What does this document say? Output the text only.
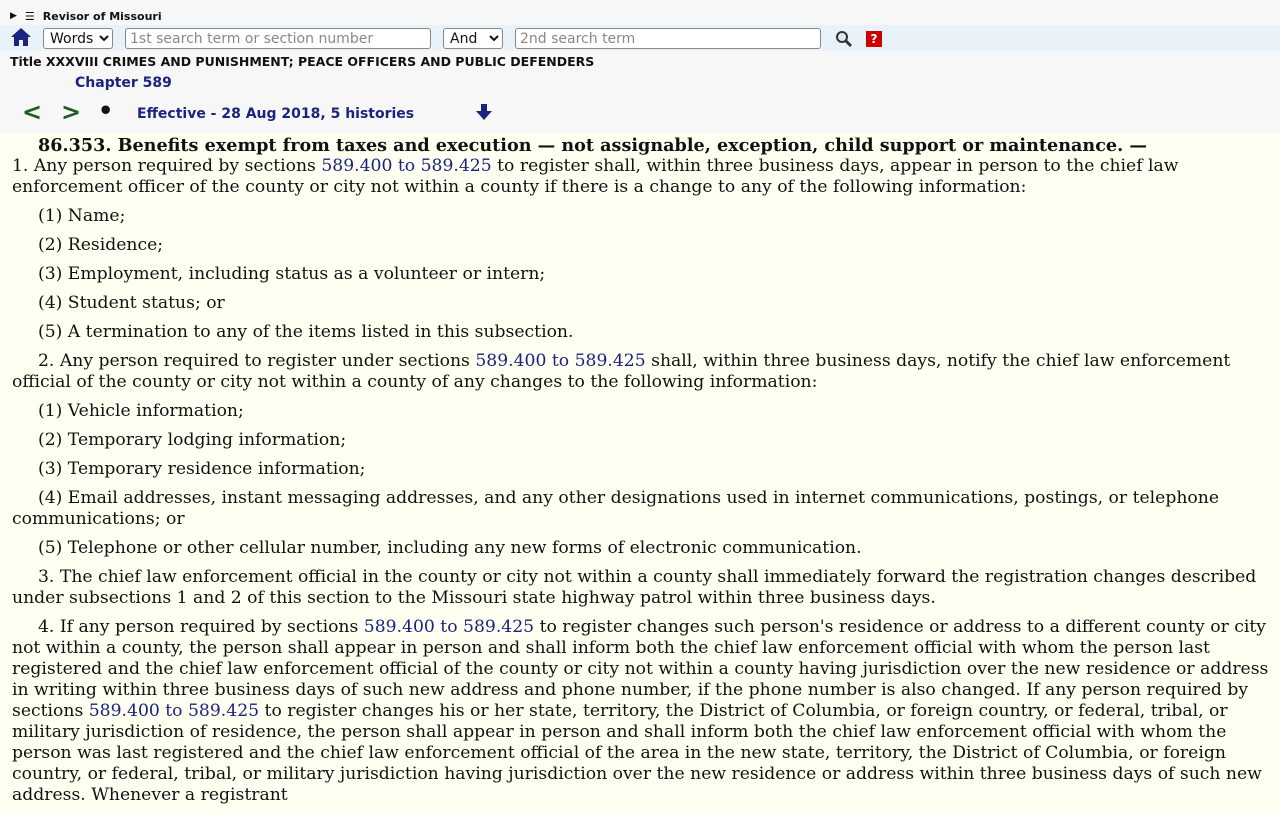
▶ ☰ Revisor of Missouri
Words
1st search term or section number
And
2nd search term
?
Title XXXVIII CRIMES AND PUNISHMENT; PEACE OFFICERS AND PUBLIC DEFENDERS
Chapter 589
< > • Effective - 28 Aug 2018, 5 histories
86.353. Benefits exempt from taxes and execution — not assignable, exception, child support or maintenance. —
1. Any person required by sections 589.400 to 589.425 to register shall, within three business days, appear in person to the chief law enforcement officer of the county or city not within a county if there is a change to any of the following information:
(1) Name;
(2) Residence;
(3) Employment, including status as a volunteer or intern;
(4) Student status; or
(5) A termination to any of the items listed in this subsection.
2. Any person required to register under sections 589.400 to 589.425 shall, within three business days, notify the chief law enforcement official of the county or city not within a county of any changes to the following information:
(1) Vehicle information;
(2) Temporary lodging information;
(3) Temporary residence information;
(4) Email addresses, instant messaging addresses, and any other designations used in internet communications, postings, or telephone communications; or
(5) Telephone or other cellular number, including any new forms of electronic communication.
3. The chief law enforcement official in the county or city not within a county shall immediately forward the registration changes described under subsections 1 and 2 of this section to the Missouri state highway patrol within three business days.
4. If any person required by sections 589.400 to 589.425 to register changes such person's residence or address to a different county or city not within a county, the person shall appear in person and shall inform both the chief law enforcement official with whom the person last registered and the chief law enforcement official of the county or city not within a county having jurisdiction over the new residence or address in writing within three business days of such new address and phone number, if the phone number is also changed. If any person required by sections 589.400 to 589.425 to register changes his or her state, territory, the District of Columbia, or foreign country, or federal, tribal, or military jurisdiction of residence, the person shall appear in person and shall inform both the chief law enforcement official with whom the person was last registered and the chief law enforcement official of the area in the new state, territory, the District of Columbia, or foreign country, or federal, tribal, or military jurisdiction having jurisdiction over the new residence or address within three business days of such new address. Whenever a registrant
